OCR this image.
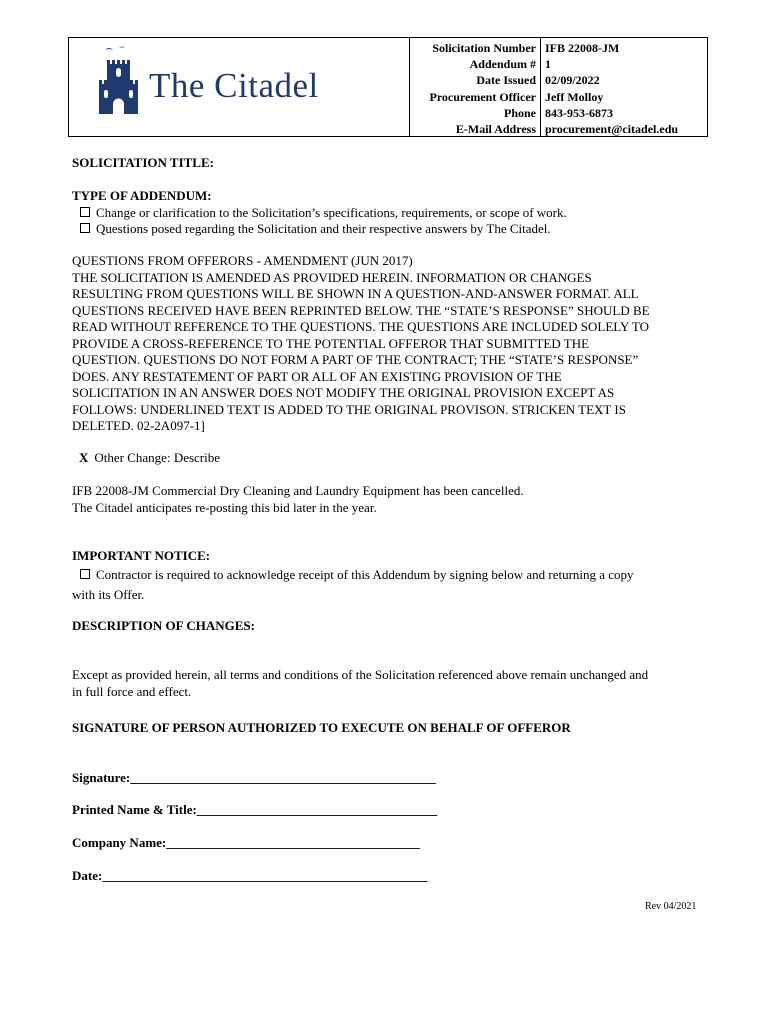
The Citadel
Solicitation Number
Addendum #
Date Issued
Procurement Officer
Phone
E-Mail Address
IFB 22008-JM
1
02/09/2022
Jeff Molloy
843-953-6873
procurement@citadel.edu
SOLICITATION TITLE:
TYPE OF ADDENDUM:
Change or clarification to the Solicitation’s specifications, requirements, or scope of work.
Questions posed regarding the Solicitation and their respective answers by The Citadel.
QUESTIONS FROM OFFERORS - AMENDMENT (JUN 2017)
THE SOLICITATION IS AMENDED AS PROVIDED HEREIN. INFORMATION OR CHANGES
RESULTING FROM QUESTIONS WILL BE SHOWN IN A QUESTION-AND-ANSWER FORMAT. ALL
QUESTIONS RECEIVED HAVE BEEN REPRINTED BELOW. THE “STATE’S RESPONSE” SHOULD BE
READ WITHOUT REFERENCE TO THE QUESTIONS. THE QUESTIONS ARE INCLUDED SOLELY TO
PROVIDE A CROSS-REFERENCE TO THE POTENTIAL OFFEROR THAT SUBMITTED THE
QUESTION. QUESTIONS DO NOT FORM A PART OF THE CONTRACT; THE “STATE’S RESPONSE”
DOES. ANY RESTATEMENT OF PART OR ALL OF AN EXISTING PROVISION OF THE
SOLICITATION IN AN ANSWER DOES NOT MODIFY THE ORIGINAL PROVISION EXCEPT AS
FOLLOWS: UNDERLINED TEXT IS ADDED TO THE ORIGINAL PROVISON. STRICKEN TEXT IS
DELETED. 02-2A097-1]
X Other Change: Describe
IFB 22008-JM Commercial Dry Cleaning and Laundry Equipment has been cancelled.
The Citadel anticipates re-posting this bid later in the year.
IMPORTANT NOTICE:
Contractor is required to acknowledge receipt of this Addendum by signing below and returning a copy
with its Offer.
DESCRIPTION OF CHANGES:
Except as provided herein, all terms and conditions of the Solicitation referenced above remain unchanged and
in full force and effect.
SIGNATURE OF PERSON AUTHORIZED TO EXECUTE ON BEHALF OF OFFEROR
Signature:_______________________________________________
Printed Name & Title:_____________________________________
Company Name:_______________________________________
Date:__________________________________________________
Rev 04/2021
